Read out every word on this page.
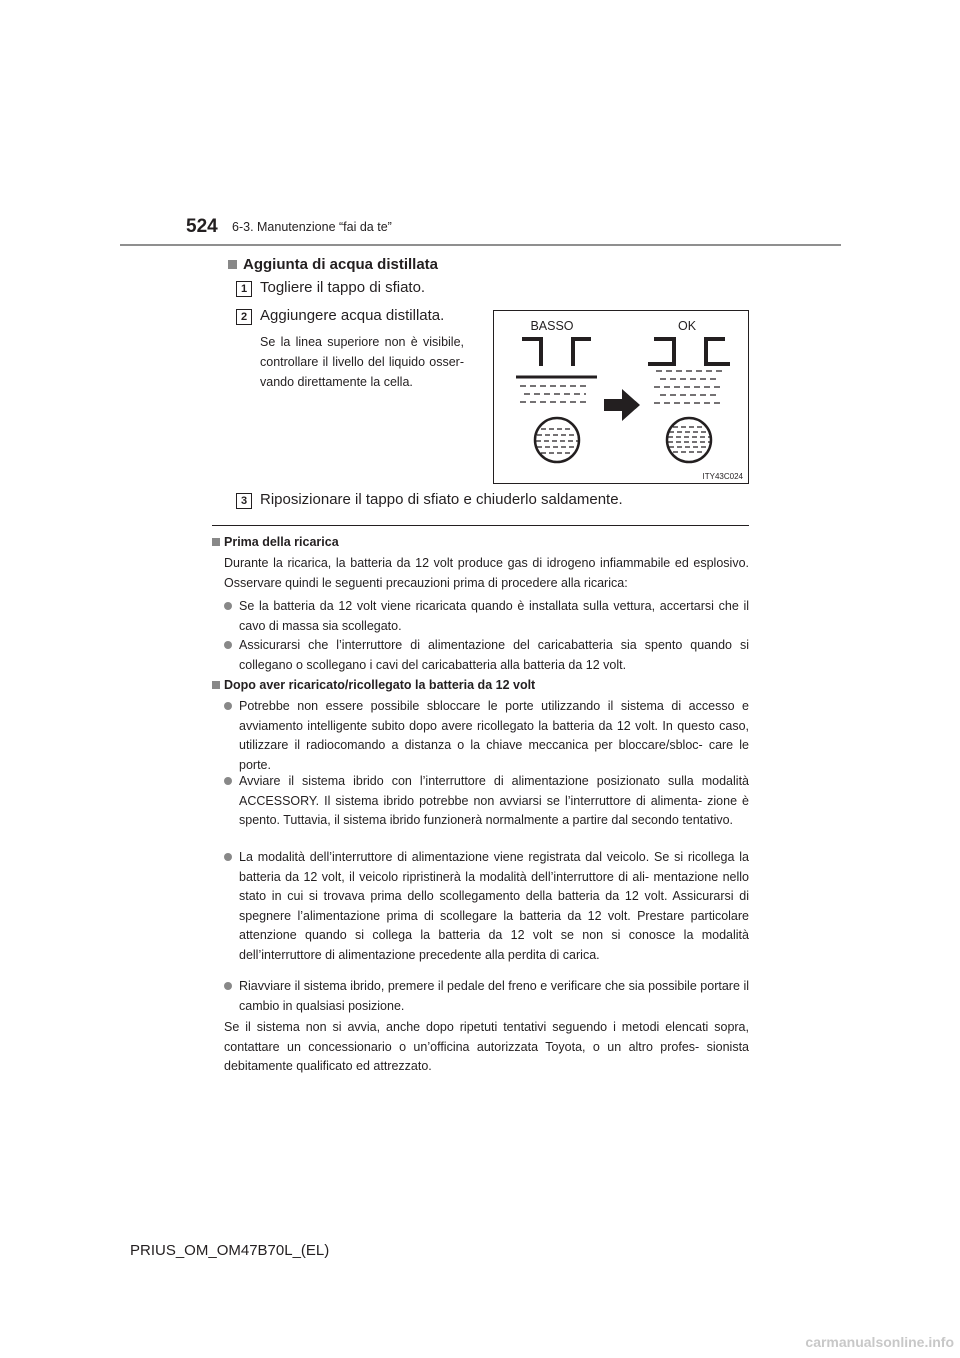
524 6-3. Manutenzione “fai da te”
Aggiunta di acqua distillata
1 Togliere il tappo di sfiato.
2 Aggiungere acqua distillata.
Se la linea superiore non è visibile, controllare il livello del liquido osser- vando direttamente la cella.
BASSO	OK
ITY43C024
3 Riposizionare il tappo di sfiato e chiuderlo saldamente.
Prima della ricarica
Durante la ricarica, la batteria da 12 volt produce gas di idrogeno infiammabile ed esplosivo. Osservare quindi le seguenti precauzioni prima di procedere alla ricarica:
Se la batteria da 12 volt viene ricaricata quando è installata sulla vettura, accertarsi che il cavo di massa sia scollegato.
Assicurarsi che l’interruttore di alimentazione del caricabatteria sia spento quando si collegano o scollegano i cavi del caricabatteria alla batteria da 12 volt.
Dopo aver ricaricato/ricollegato la batteria da 12 volt
Potrebbe non essere possibile sbloccare le porte utilizzando il sistema di accesso e avviamento intelligente subito dopo avere ricollegato la batteria da 12 volt. In questo caso, utilizzare il radiocomando a distanza o la chiave meccanica per bloccare/sbloc- care le porte.
Avviare il sistema ibrido con l’interruttore di alimentazione posizionato sulla modalità ACCESSORY. Il sistema ibrido potrebbe non avviarsi se l’interruttore di alimenta- zione è spento. Tuttavia, il sistema ibrido funzionerà normalmente a partire dal secondo tentativo.
La modalità dell’interruttore di alimentazione viene registrata dal veicolo. Se si ricollega la batteria da 12 volt, il veicolo ripristinerà la modalità dell’interruttore di ali- mentazione nello stato in cui si trovava prima dello scollegamento della batteria da 12 volt. Assicurarsi di spegnere l’alimentazione prima di scollegare la batteria da 12 volt. Prestare particolare attenzione quando si collega la batteria da 12 volt se non si conosce la modalità dell’interruttore di alimentazione precedente alla perdita di carica.
Riavviare il sistema ibrido, premere il pedale del freno e verificare che sia possibile portare il cambio in qualsiasi posizione.
Se il sistema non si avvia, anche dopo ripetuti tentativi seguendo i metodi elencati sopra, contattare un concessionario o un’officina autorizzata Toyota, o un altro profes- sionista debitamente qualificato ed attrezzato.
PRIUS_OM_OM47B70L_(EL)
carmanualsonline.info
